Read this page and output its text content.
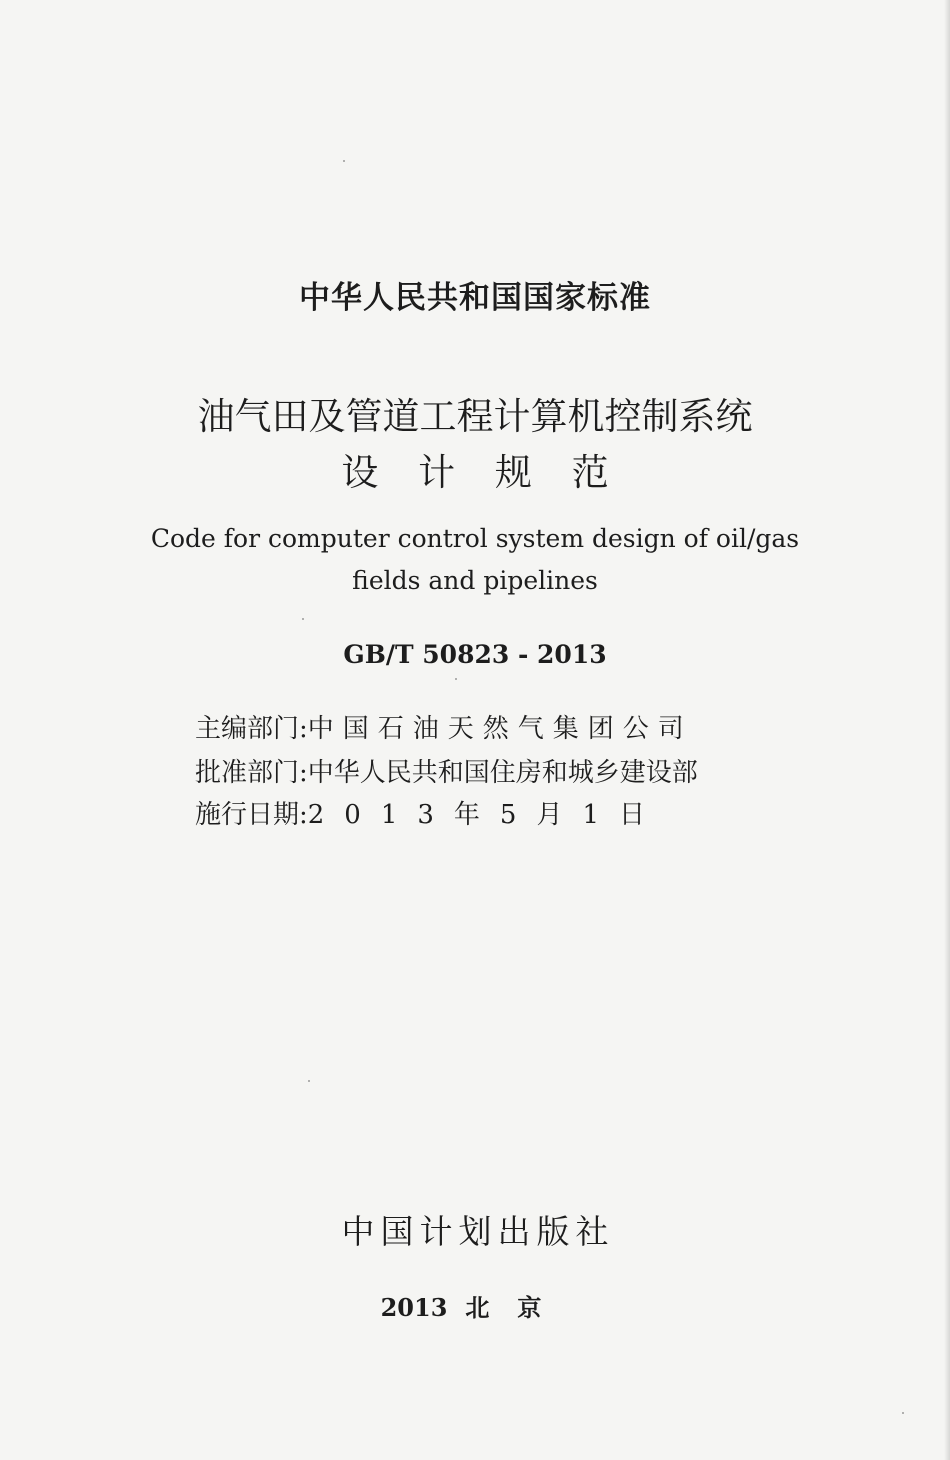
中华人民共和国国家标准
油气田及管道工程计算机控制系统
设 计 规 范
Code for computer control system design of oil/gas
fields and pipelines
GB/T 50823 - 2013
主编部门:中国石油天然气集团公司
批准部门:中华人民共和国住房和城乡建设部
施行日期:2013年5月1日
中国计划出版社
2013 北京
